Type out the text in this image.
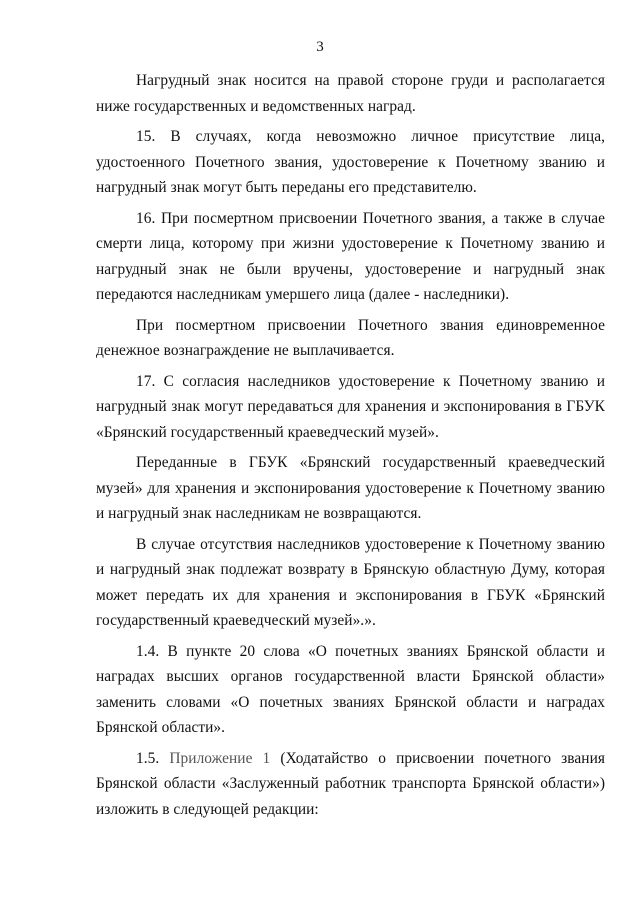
3

Нагрудный знак носится на правой стороне груди и располагается ниже государственных и ведомственных наград.

15. В случаях, когда невозможно личное присутствие лица, удостоенного Почетного звания, удостоверение к Почетному званию и нагрудный знак могут быть переданы его представителю.

16. При посмертном присвоении Почетного звания, а также в случае смерти лица, которому при жизни удостоверение к Почетному званию и нагрудный знак не были вручены, удостоверение и нагрудный знак передаются наследникам умершего лица (далее - наследники).

При посмертном присвоении Почетного звания единовременное денежное вознаграждение не выплачивается.

17. С согласия наследников удостоверение к Почетному званию и нагрудный знак могут передаваться для хранения и экспонирования в ГБУК «Брянский государственный краеведческий музей».

Переданные в ГБУК «Брянский государственный краеведческий музей» для хранения и экспонирования удостоверение к Почетному званию и нагрудный знак наследникам не возвращаются.

В случае отсутствия наследников удостоверение к Почетному званию и нагрудный знак подлежат возврату в Брянскую областную Думу, которая может передать их для хранения и экспонирования в ГБУК «Брянский государственный краеведческий музей».».

1.4. В пункте 20 слова «О почетных званиях Брянской области и наградах высших органов государственной власти Брянской области» заменить словами «О почетных званиях Брянской области и наградах Брянской области».

1.5. Приложение 1 (Ходатайство о присвоении почетного звания Брянской области «Заслуженный работник транспорта Брянской области») изложить в следующей редакции:
